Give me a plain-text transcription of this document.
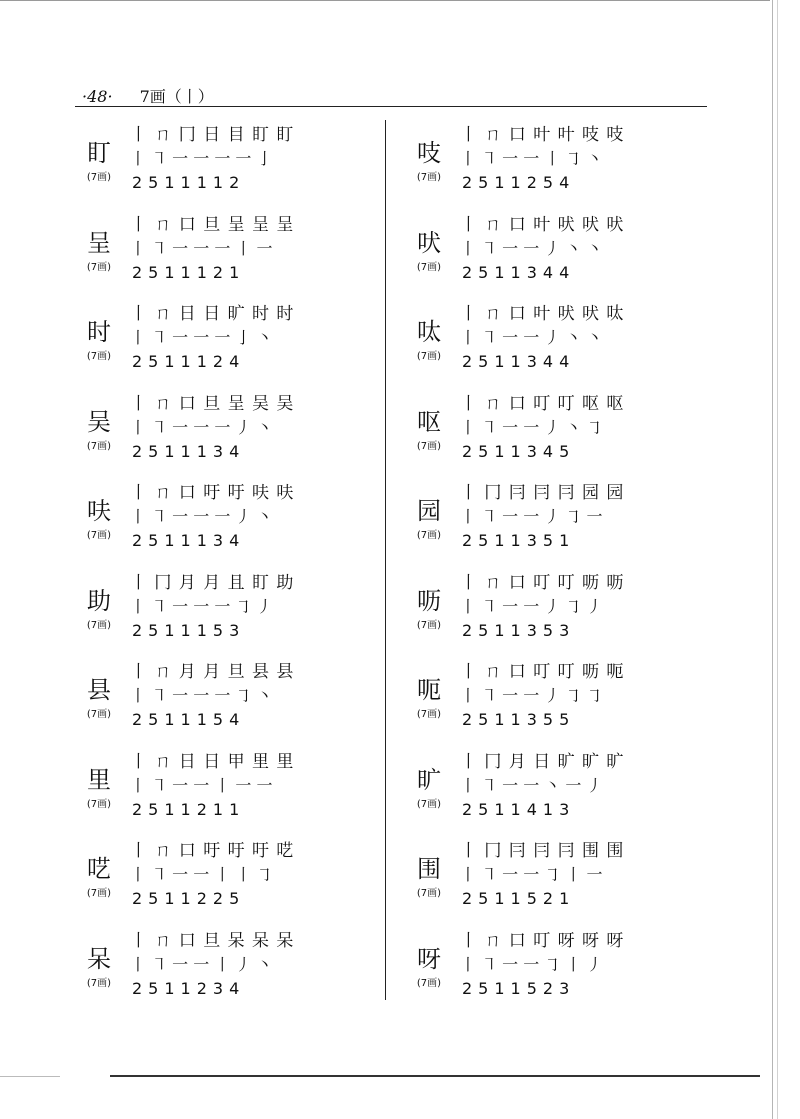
·48· 7画（丨）
盯
(7画)
丨 ㄇ 冂 日 目 盯 盯
丨 ㇕ 一 一 一 一 亅
2511112
呈
(7画)
丨 ㄇ 口 旦 呈 呈 呈
丨 ㇕ 一 一 一 丨 一
2511121
时
(7画)
丨 ㄇ 日 日 旷 时 时
丨 ㇕ 一 一 一 亅 丶
2511124
吴
(7画)
丨 ㄇ 口 旦 呈 吴 吴
丨 ㇕ 一 一 一 丿 丶
2511134
呋
(7画)
丨 ㄇ 口 吁 吁 呋 呋
丨 ㇕ 一 一 一 丿 丶
2511134
助
(7画)
丨 冂 月 月 且 盯 助
丨 ㇕ 一 一 一 ㇆ 丿
2511153
县
(7画)
丨 ㄇ 月 月 旦 县 县
丨 ㇕ 一 一 一 ㇆ 丶
2511154
里
(7画)
丨 ㄇ 日 日 甲 里 里
丨 ㇕ 一 一 丨 一 一
2511211
呓
(7画)
丨 ㄇ 口 吁 吁 吁 呓
丨 ㇕ 一 一 丨 丨 ㇆
2511225
呆
(7画)
丨 ㄇ 口 旦 呆 呆 呆
丨 ㇕ 一 一 丨 丿 丶
2511234
吱
(7画)
丨 ㄇ 口 叶 叶 吱 吱
丨 ㇕ 一 一 丨 ㇆ 丶
2511254
吠
(7画)
丨 ㄇ 口 叶 吠 吠 吠
丨 ㇕ 一 一 丿 丶 丶
2511344
呔
(7画)
丨 ㄇ 口 叶 吠 吠 呔
丨 ㇕ 一 一 丿 丶 丶
2511344
呕
(7画)
丨 ㄇ 口 叮 叮 呕 呕
丨 ㇕ 一 一 丿 丶 ㇆
2511345
园
(7画)
丨 冂 冃 冃 冃 园 园
丨 ㇕ 一 一 丿 ㇆ 一
2511351
呖
(7画)
丨 ㄇ 口 叮 叮 呖 呖
丨 ㇕ 一 一 丿 ㇆ 丿
2511353
呃
(7画)
丨 ㄇ 口 叮 叮 呖 呃
丨 ㇕ 一 一 丿 ㇆ ㇆
2511355
旷
(7画)
丨 冂 月 日 旷 旷 旷
丨 ㇕ 一 一 丶 一 丿
2511413
围
(7画)
丨 冂 冃 冃 冃 围 围
丨 ㇕ 一 一 ㇆ 丨 一
2511521
呀
(7画)
丨 ㄇ 口 叮 呀 呀 呀
丨 ㇕ 一 一 ㇆ 丨 丿
2511523
